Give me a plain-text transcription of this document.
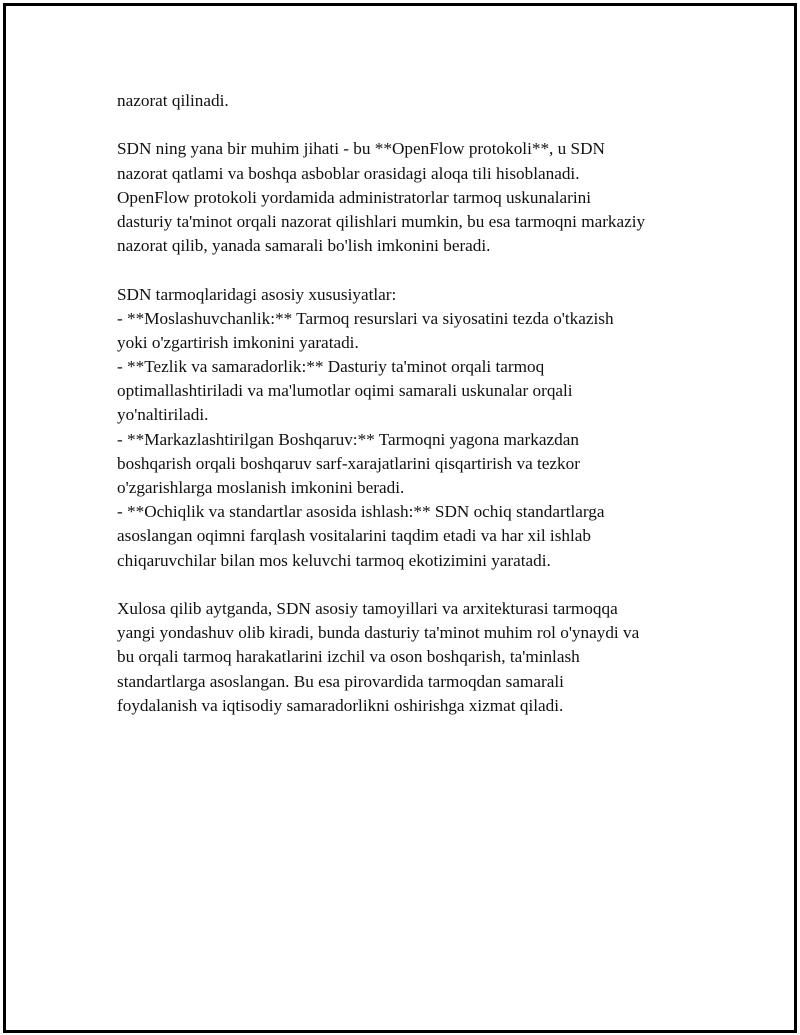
nazorat qilinadi.
SDN ning yana bir muhim jihati - bu **OpenFlow protokoli**, u SDN
nazorat qatlami va boshqa asboblar orasidagi aloqa tili hisoblanadi.
OpenFlow protokoli yordamida administratorlar tarmoq uskunalarini
dasturiy ta'minot orqali nazorat qilishlari mumkin, bu esa tarmoqni markaziy
nazorat qilib, yanada samarali bo'lish imkonini beradi.
SDN tarmoqlaridagi asosiy xususiyatlar:
- **Moslashuvchanlik:** Tarmoq resurslari va siyosatini tezda o'tkazish
yoki o'zgartirish imkonini yaratadi.
- **Tezlik va samaradorlik:** Dasturiy ta'minot orqali tarmoq
optimallashtiriladi va ma'lumotlar oqimi samarali uskunalar orqali
yo'naltiriladi.
- **Markazlashtirilgan Boshqaruv:** Tarmoqni yagona markazdan
boshqarish orqali boshqaruv sarf-xarajatlarini qisqartirish va tezkor
o'zgarishlarga moslanish imkonini beradi.
- **Ochiqlik va standartlar asosida ishlash:** SDN ochiq standartlarga
asoslangan oqimni farqlash vositalarini taqdim etadi va har xil ishlab
chiqaruvchilar bilan mos keluvchi tarmoq ekotizimini yaratadi.
Xulosa qilib aytganda, SDN asosiy tamoyillari va arxitekturasi tarmoqqa
yangi yondashuv olib kiradi, bunda dasturiy ta'minot muhim rol o'ynaydi va
bu orqali tarmoq harakatlarini izchil va oson boshqarish, ta'minlash
standartlarga asoslangan. Bu esa pirovardida tarmoqdan samarali
foydalanish va iqtisodiy samaradorlikni oshirishga xizmat qiladi.
